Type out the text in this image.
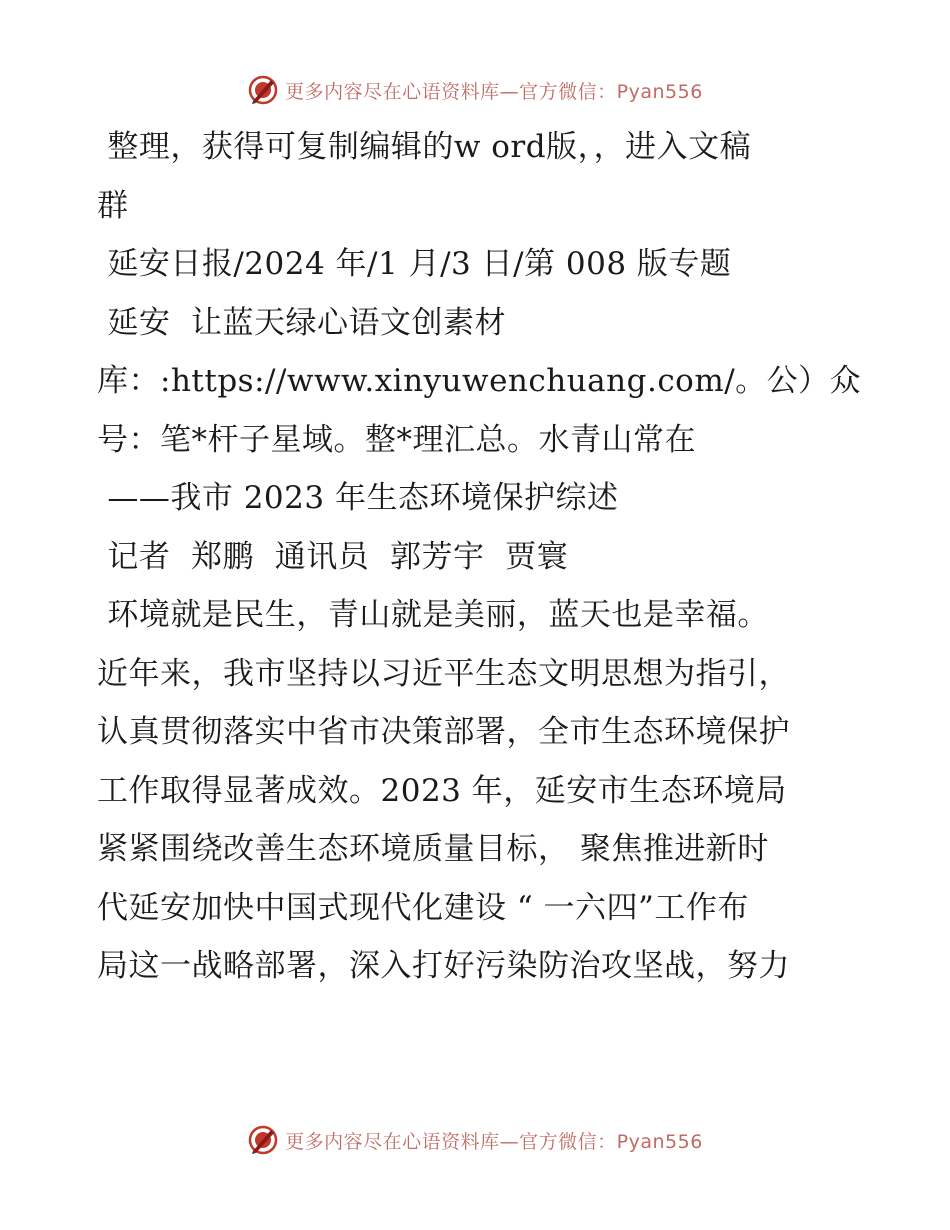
更多内容尽在心语资料库—官方微信：Pyan556
整理，获得可复制编辑的w ord版，，进入文稿
群
延安日报/2024 年/1 月/3 日/第 008 版专题
延安  让蓝天绿心语文创素材
库：:https://www.xinyuwenchuang.com/。公）众
号：笔*杆子星域。整*理汇总。水青山常在
——我市 2023 年生态环境保护综述
记者  郑鹏  通讯员  郭芳宇  贾寰
环境就是民生，青山就是美丽，蓝天也是幸福。
近年来，我市坚持以习近平生态文明思想为指引，
认真贯彻落实中省市决策部署，全市生态环境保护
工作取得显著成效。2023 年，延安市生态环境局
紧紧围绕改善生态环境质量目标， 聚焦推进新时
代延安加快中国式现代化建设 “ 一六四”工作布
局这一战略部署，深入打好污染防治攻坚战，努力
更多内容尽在心语资料库—官方微信：Pyan556
